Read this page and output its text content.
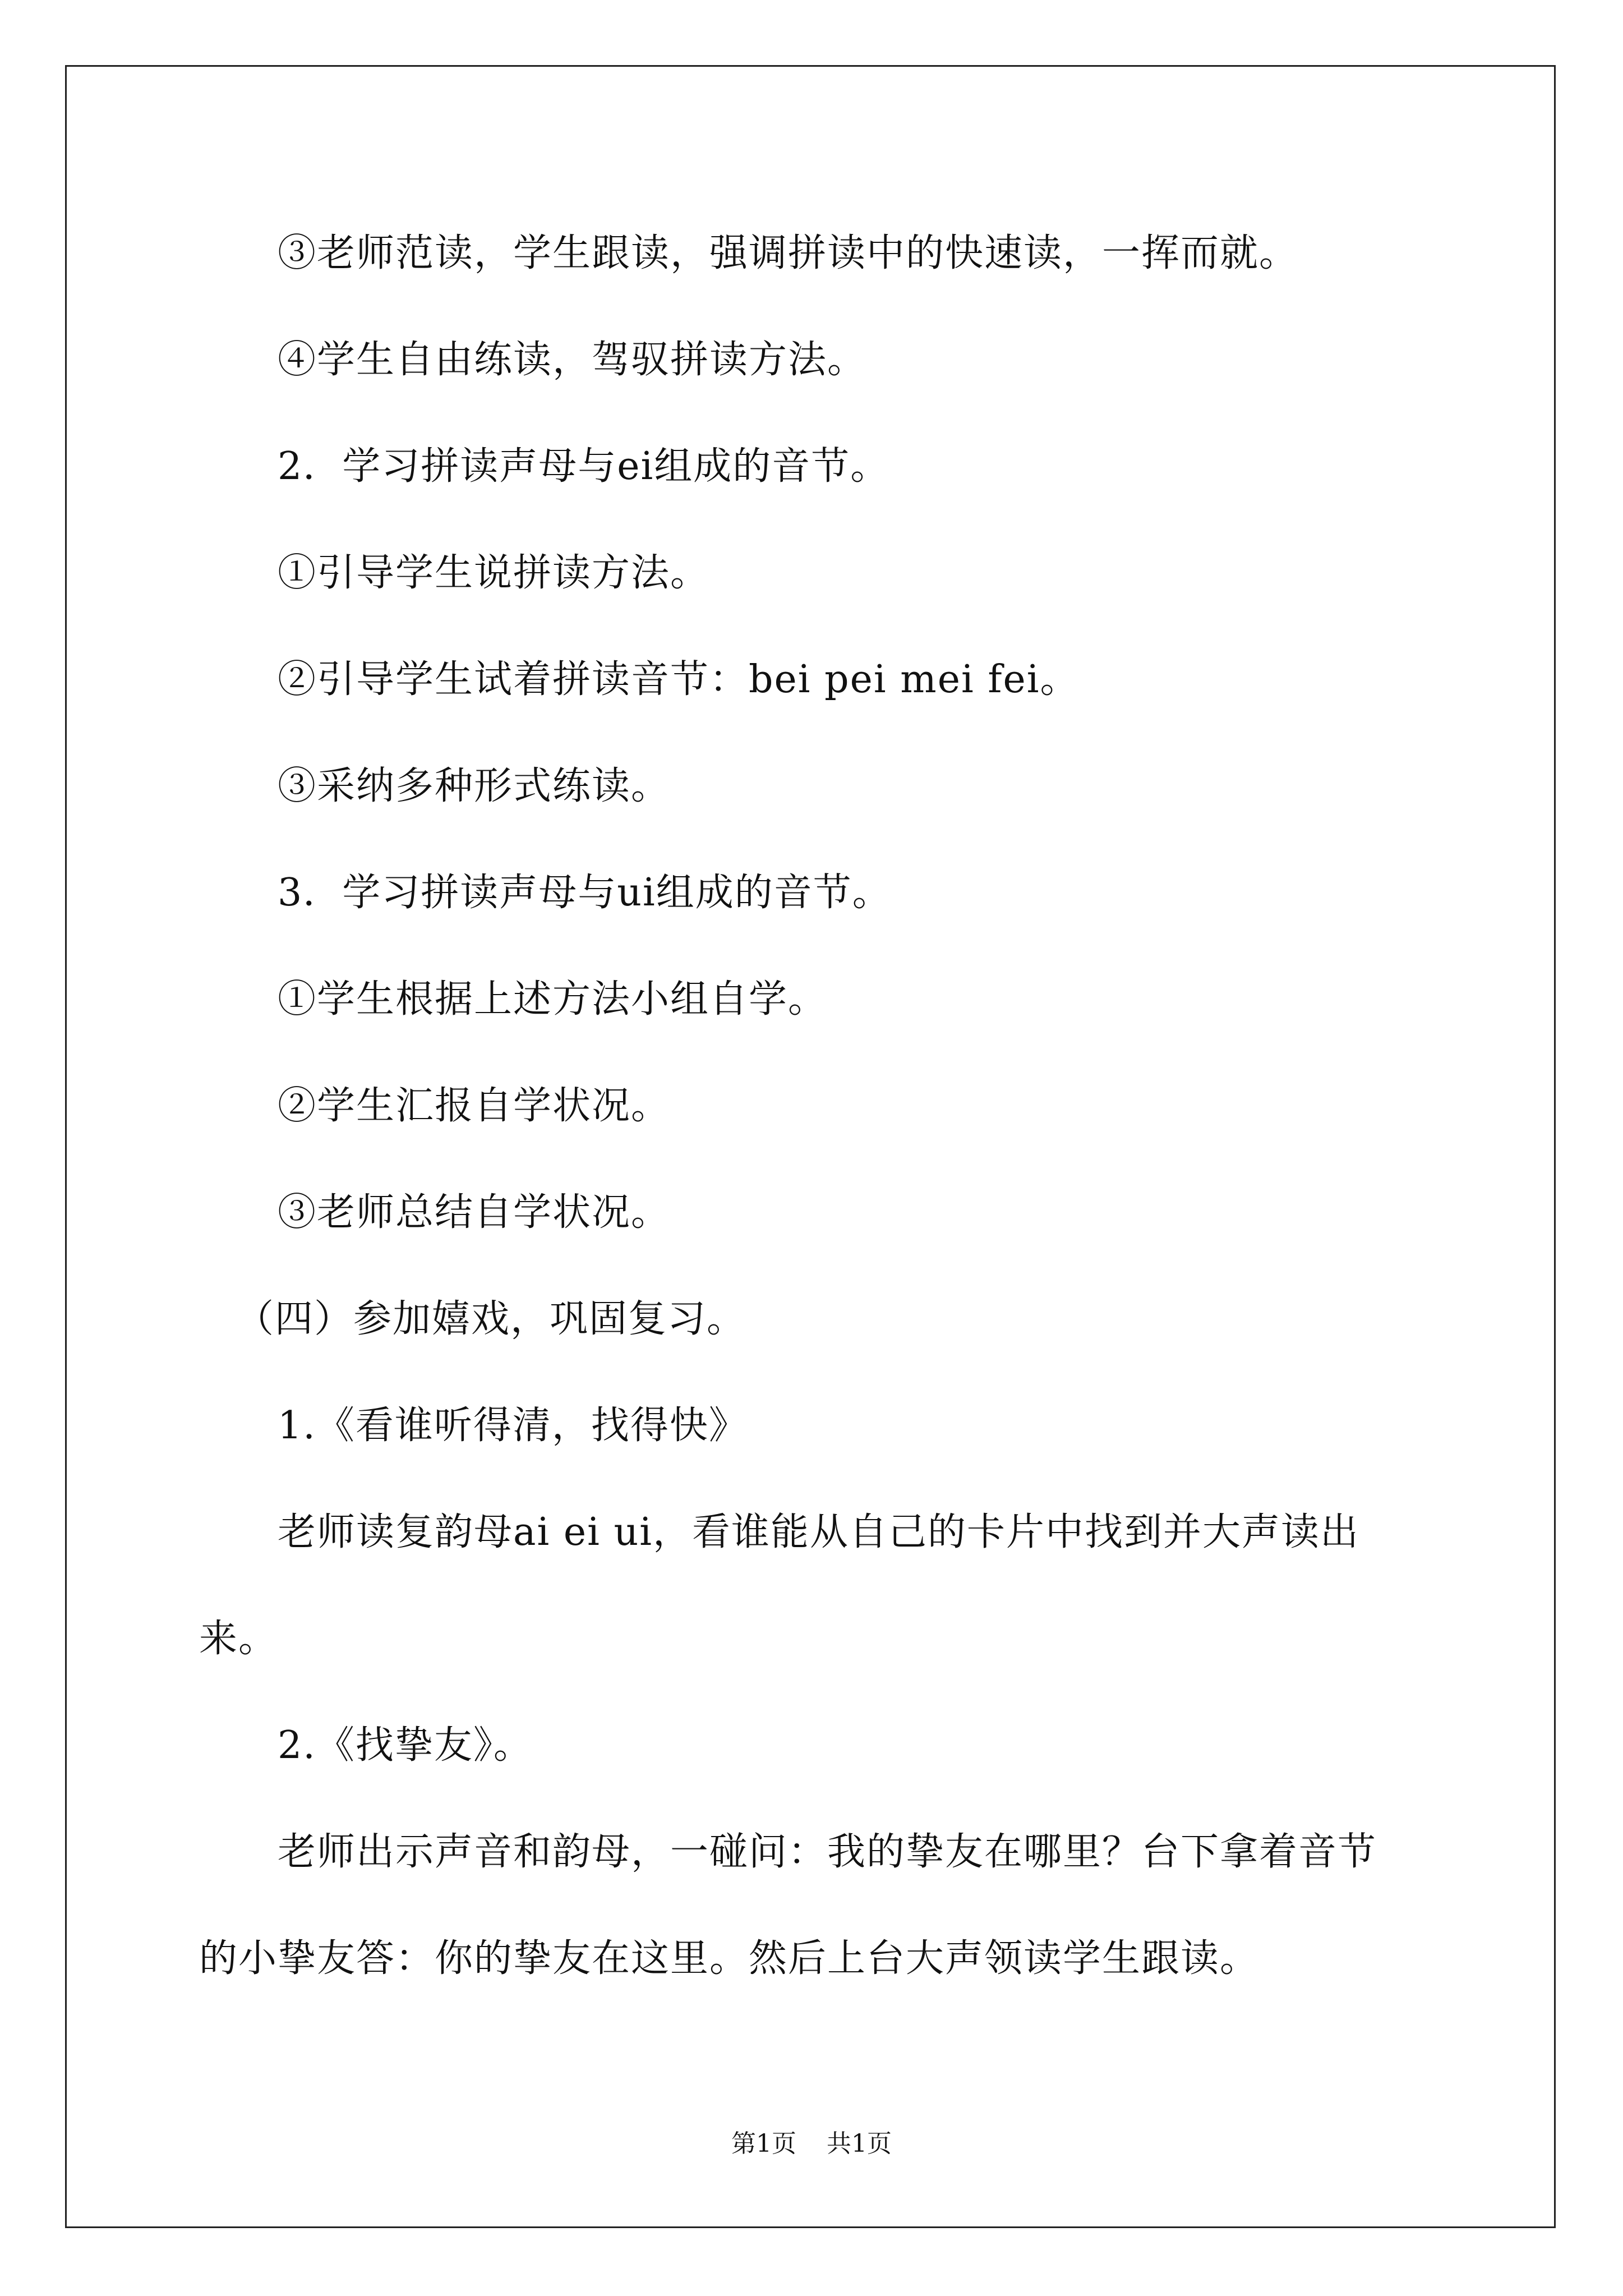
③老师范读，学生跟读，强调拼读中的快速读，一挥而就。
④学生自由练读，驾驭拼读方法。
2．学习拼读声母与ei组成的音节。
①引导学生说拼读方法。
②引导学生试着拼读音节：bei pei mei fei。
③采纳多种形式练读。
3．学习拼读声母与ui组成的音节。
①学生根据上述方法小组自学。
②学生汇报自学状况。
③老师总结自学状况。
（四）参加嬉戏，巩固复习。
1.《看谁听得清，找得快》
老师读复韵母ai ei ui，看谁能从自己的卡片中找到并大声读出
来。
2.《找挚友》。
老师出示声音和韵母，一碰问：我的挚友在哪里？台下拿着音节
的小挚友答：你的挚友在这里。然后上台大声领读学生跟读。
第1页 共1页
